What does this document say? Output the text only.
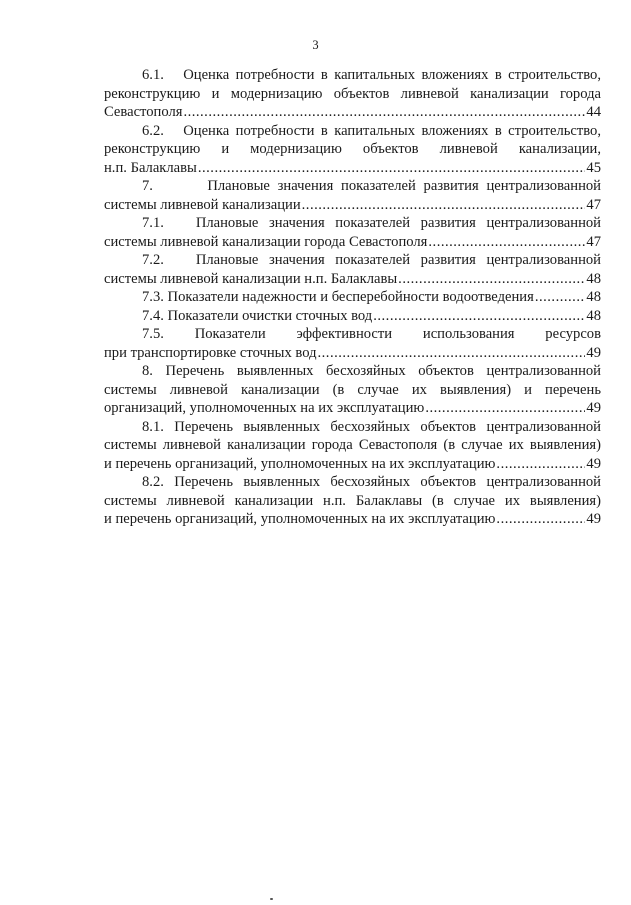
3
6.1.   Оценка потребности в капитальных вложениях в строительство,
реконструкцию и модернизацию объектов ливневой канализации города
Севастополя .....	44
6.2.   Оценка потребности в капитальных вложениях в строительство,
реконструкцию и модернизацию объектов ливневой канализации,
н.п. Балаклавы .....	45
7.       Плановые значения показателей развития централизованной
системы ливневой канализации .....	47
7.1.   Плановые значения показателей развития централизованной
системы ливневой канализации города Севастополя .....	47
7.2.   Плановые значения показателей развития централизованной
системы ливневой канализации н.п. Балаклавы .....	48
7.3. Показатели надежности и бесперебойности водоотведения .....	48
7.4. Показатели очистки сточных вод .....	48
7.5. Показатели эффективности использования ресурсов
при транспортировке сточных вод .....	49
8. Перечень выявленных бесхозяйных объектов централизованной
системы ливневой канализации (в случае их выявления) и перечень
организаций, уполномоченных на их эксплуатацию .....	49
8.1. Перечень выявленных бесхозяйных объектов централизованной
системы ливневой канализации города Севастополя (в случае их выявления)
и перечень организаций, уполномоченных на их эксплуатацию .....	49
8.2. Перечень выявленных бесхозяйных объектов централизованной
системы ливневой канализации н.п. Балаклавы (в случае их выявления)
и перечень организаций, уполномоченных на их эксплуатацию .....	49
